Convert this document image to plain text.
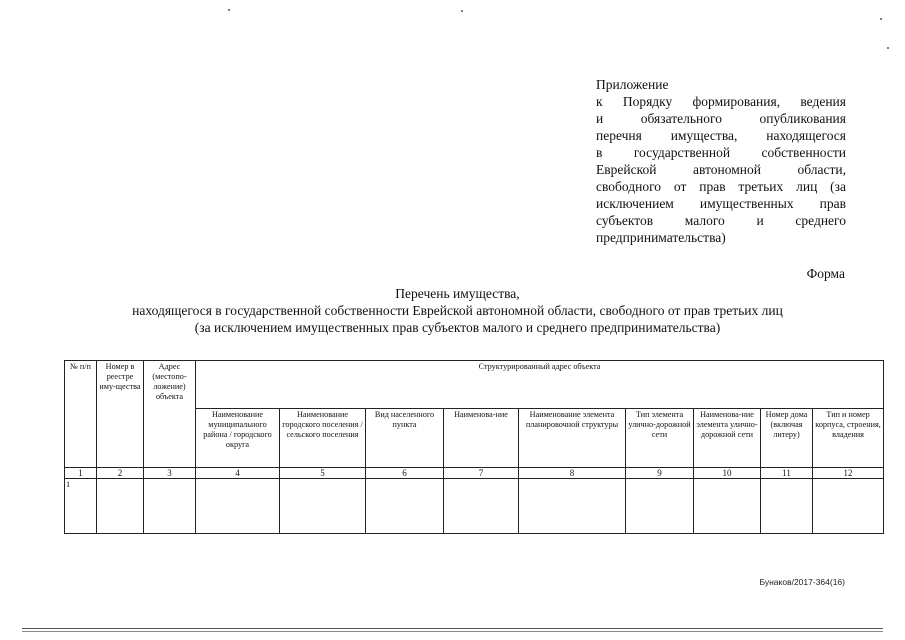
Приложение
к Порядку формирования, ведения
и обязательного опубликования
перечня имущества, находящегося
в государственной собственности
Еврейской автономной области,
свободного от прав третьих лиц (за
исключением имущественных прав
субъектов малого и среднего
предпринимательства)
Форма
Перечень имущества,
находящегося в государственной собственности Еврейской автономной области, свободного от прав третьих лиц
(за исключением имущественных прав субъектов малого и среднего предпринимательства)
№ п/п	Номер в реестре иму-щества	Адрес (местопо-ложение) объекта	Структурированный адрес объекта								
			Наименование муниципального района / городского округа	Наименование городского поселения / сельского поселения	Вид населенного пункта	Наименова-ние	Наименование элемента планировочной структуры	Тип элемента улично-дорожной сети	Наименова-ние элемента улично-дорожной сети	Номер дома (включая литеру)	Тип и номер корпуса, строения, владения
1	2	3	4	5	6	7	8	9	10	11	12
1											
Бунаков/2017-364(16)
